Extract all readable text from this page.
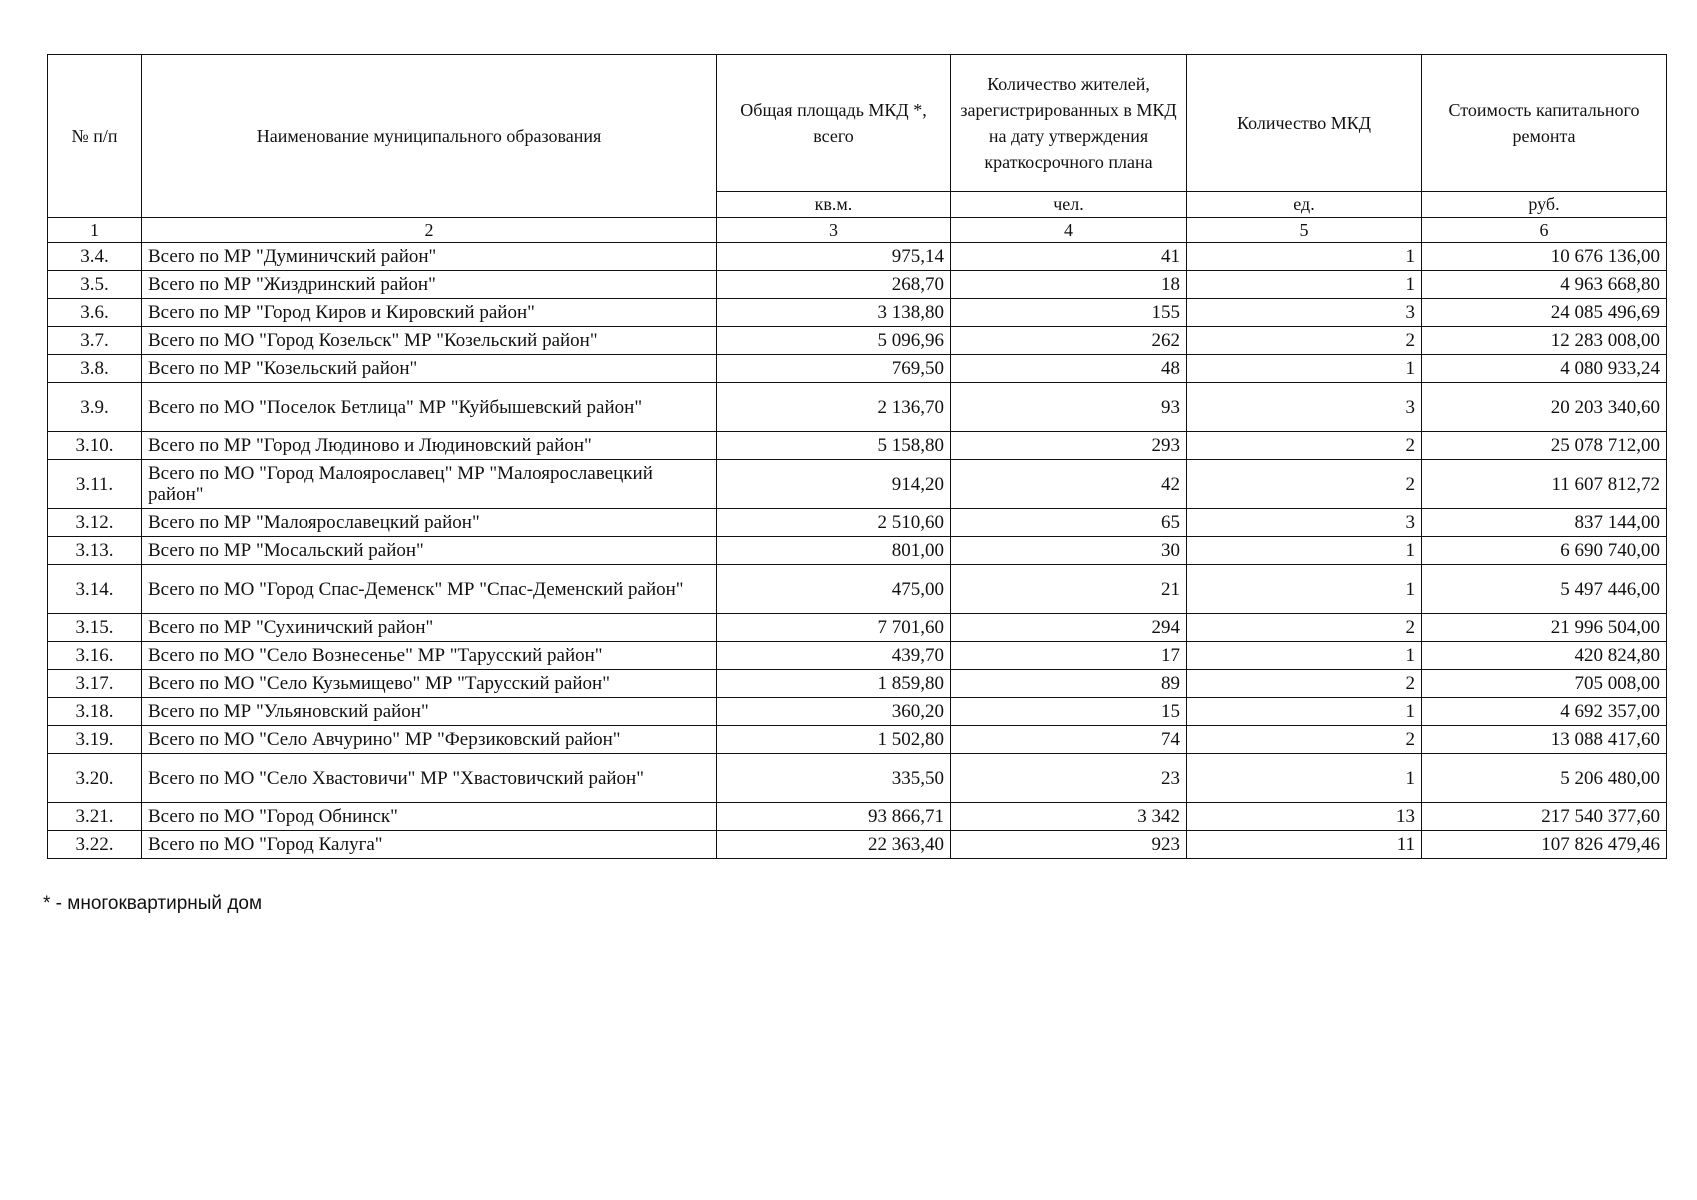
№ п/п	Наименование муниципального образования	Общая площадь МКД *, всего	Количество жителей, зарегистрированных в МКД на дату утверждения краткосрочного плана	Количество МКД	Стоимость капитального ремонта
		кв.м.	чел.	ед.	руб.
1	2	3	4	5	6
3.4.	Всего по МР "Думиничский район"	975,14	41	1	10 676 136,00
3.5.	Всего по МР "Жиздринский район"	268,70	18	1	4 963 668,80
3.6.	Всего по МР "Город Киров и Кировский район"	3 138,80	155	3	24 085 496,69
3.7.	Всего по МО "Город Козельск" МР "Козельский район"	5 096,96	262	2	12 283 008,00
3.8.	Всего по МР "Козельский район"	769,50	48	1	4 080 933,24
3.9.	Всего по МО "Поселок Бетлица" МР "Куйбышевский район"	2 136,70	93	3	20 203 340,60
3.10.	Всего по МР "Город Людиново и Людиновский район"	5 158,80	293	2	25 078 712,00
3.11.	Всего по МО "Город Малоярославец" МР "Малоярославецкий район"	914,20	42	2	11 607 812,72
3.12.	Всего по МР "Малоярославецкий район"	2 510,60	65	3	837 144,00
3.13.	Всего по МР "Мосальский район"	801,00	30	1	6 690 740,00
3.14.	Всего по МО "Город Спас-Деменск" МР "Спас-Деменский район"	475,00	21	1	5 497 446,00
3.15.	Всего по МР "Сухиничский район"	7 701,60	294	2	21 996 504,00
3.16.	Всего по МО "Село Вознесенье" МР "Тарусский район"	439,70	17	1	420 824,80
3.17.	Всего по МО "Село Кузьмищево" МР "Тарусский район"	1 859,80	89	2	705 008,00
3.18.	Всего по МР "Ульяновский район"	360,20	15	1	4 692 357,00
3.19.	Всего по МО "Село Авчурино" МР "Ферзиковский район"	1 502,80	74	2	13 088 417,60
3.20.	Всего по МО "Село Хвастовичи" МР "Хвастовичский район"	335,50	23	1	5 206 480,00
3.21.	Всего по МО "Город Обнинск"	93 866,71	3 342	13	217 540 377,60
3.22.	Всего по МО "Город Калуга"	22 363,40	923	11	107 826 479,46
* - многоквартирный дом
